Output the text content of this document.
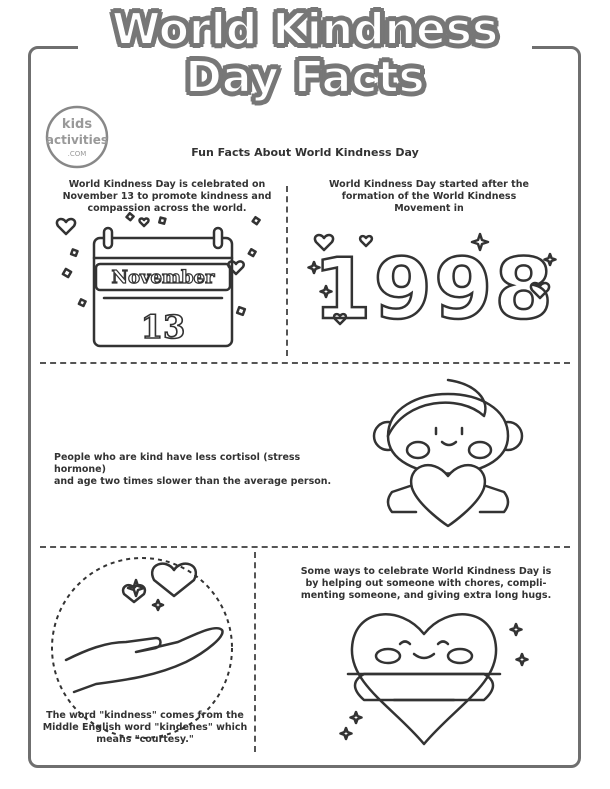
World Kindness
Day Facts
kids
activities
.COM	Fun Facts About World Kindness Day
World Kindness Day is celebrated on
November 13 to promote kindness and
compassion across the world.
November
13
World Kindness Day started after the
formation of the World Kindness
Movement in
1998
People who are kind have less cortisol (stress hormone)
and age two times slower than the average person.
Some ways to celebrate World Kindness Day is
by helping out someone with chores, compli-
menting someone, and giving extra long hugs.
The word "kindness" comes from the
Middle English word "kindenes" which
means "courtesy."
